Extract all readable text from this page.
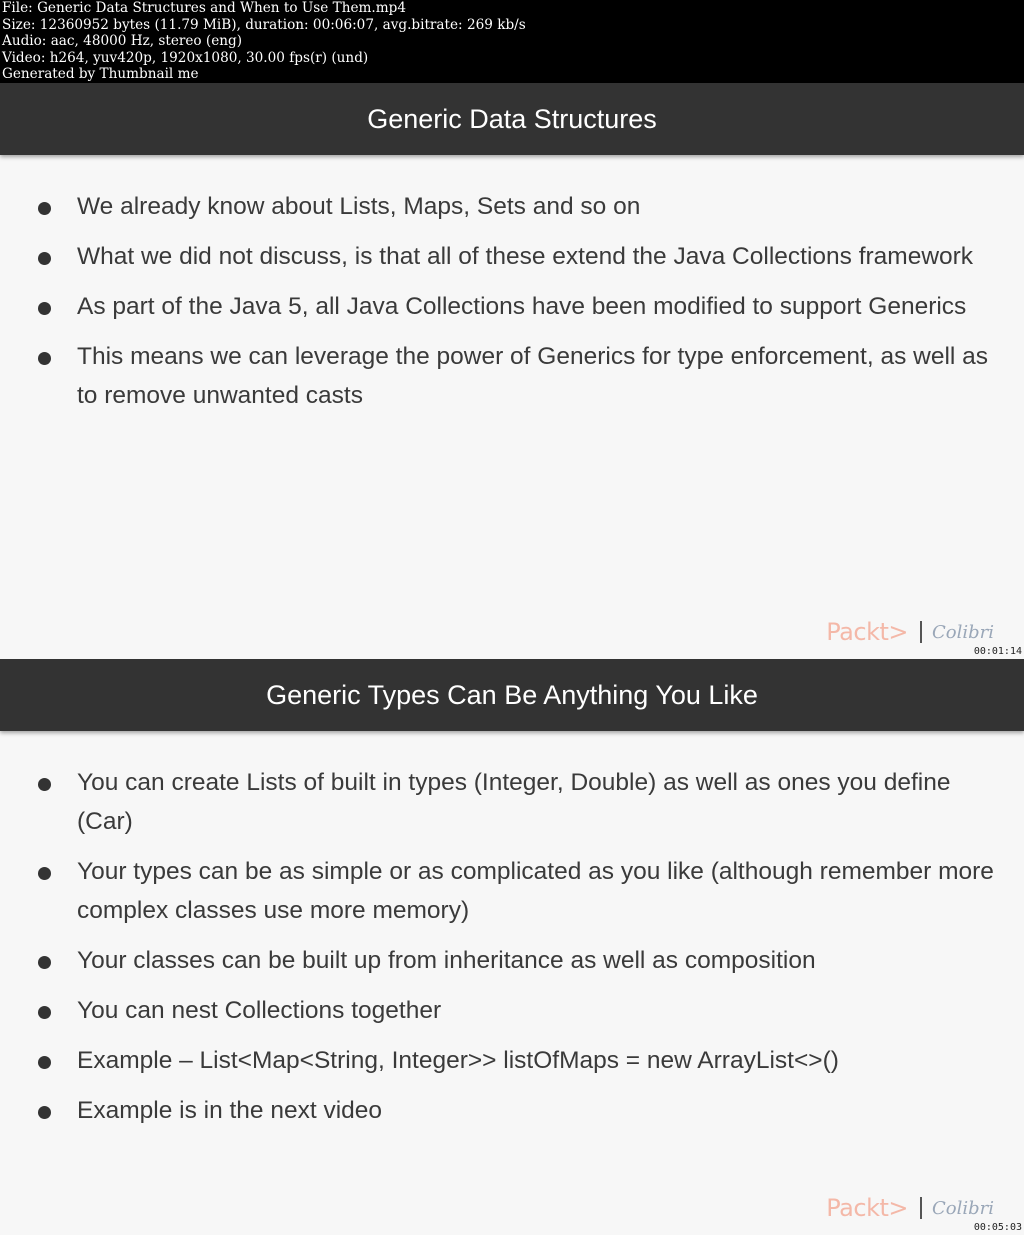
File: Generic Data Structures and When to Use Them.mp4
Size: 12360952 bytes (11.79 MiB), duration: 00:06:07, avg.bitrate: 269 kb/s
Audio: aac, 48000 Hz, stereo (eng)
Video: h264, yuv420p, 1920x1080, 30.00 fps(r) (und)
Generated by Thumbnail me
Generic Data Structures
We already know about Lists, Maps, Sets and so on
What we did not discuss, is that all of these extend the Java Collections framework
As part of the Java 5, all Java Collections have been modified to support Generics
This means we can leverage the power of Generics for type enforcement, as well as to remove unwanted casts
Packt> Colibri
00:01:14
Generic Types Can Be Anything You Like
You can create Lists of built in types (Integer, Double) as well as ones you define (Car)
Your types can be as simple or as complicated as you like (although remember more complex classes use more memory)
Your classes can be built up from inheritance as well as composition
You can nest Collections together
Example – List<Map<String, Integer>> listOfMaps = new ArrayList<>()
Example is in the next video
Packt> Colibri
00:05:03
